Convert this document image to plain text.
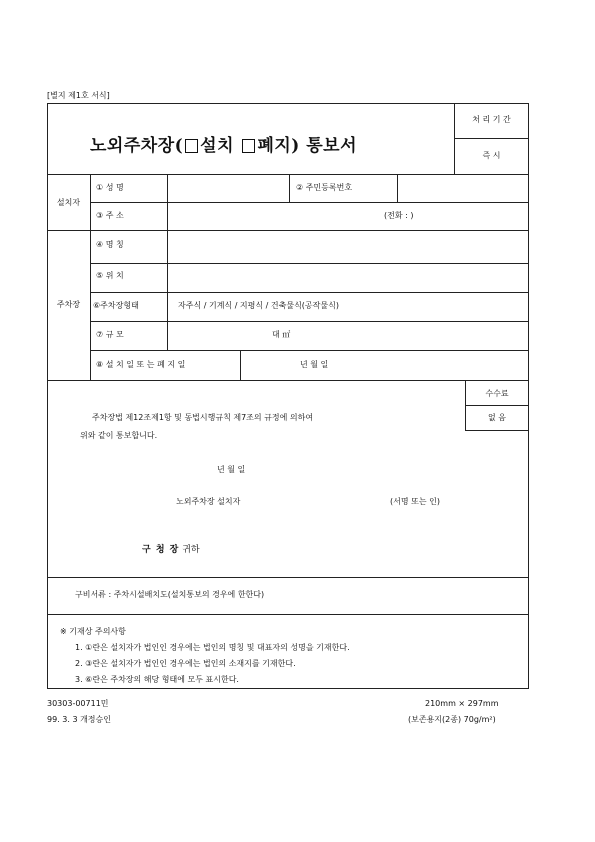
[별지 제1호 서식]
노외주차장( 설치 폐지) 통보서
처 리 기 간
즉 시
설치자
① 성 명	② 주민등록번호
③ 주 소	(전화 : )
주차장
④ 명 칭
⑤ 위 치
⑥주차장형태	자주식 / 기계식 / 지평식 / 건축물식(공작물식)
⑦ 규 모	대 ㎡
⑧ 설 치 일 또 는 폐 지 일	년 월 일
수수료
없 음
주차장법 제12조제1항 및 동법시행규칙 제7조의 규정에 의하여
위와 같이 통보합니다.
년 월 일
노외주차장 설치자	(서명 또는 인)
구 청 장 귀하
구비서류 : 주차시설배치도(설치통보의 경우에 한한다)
※ 기재상 주의사항
1. ①란은 설치자가 법인인 경우에는 법인의 명칭 및 대표자의 성명을 기재한다.
2. ③란은 설치자가 법인인 경우에는 법인의 소재지를 기재한다.
3. ⑥란은 주차장의 해당 형태에 모두 표시한다.
30303-00711민
99. 3. 3 개정승인
210mm × 297mm
(보존용지(2종) 70g/m²)
